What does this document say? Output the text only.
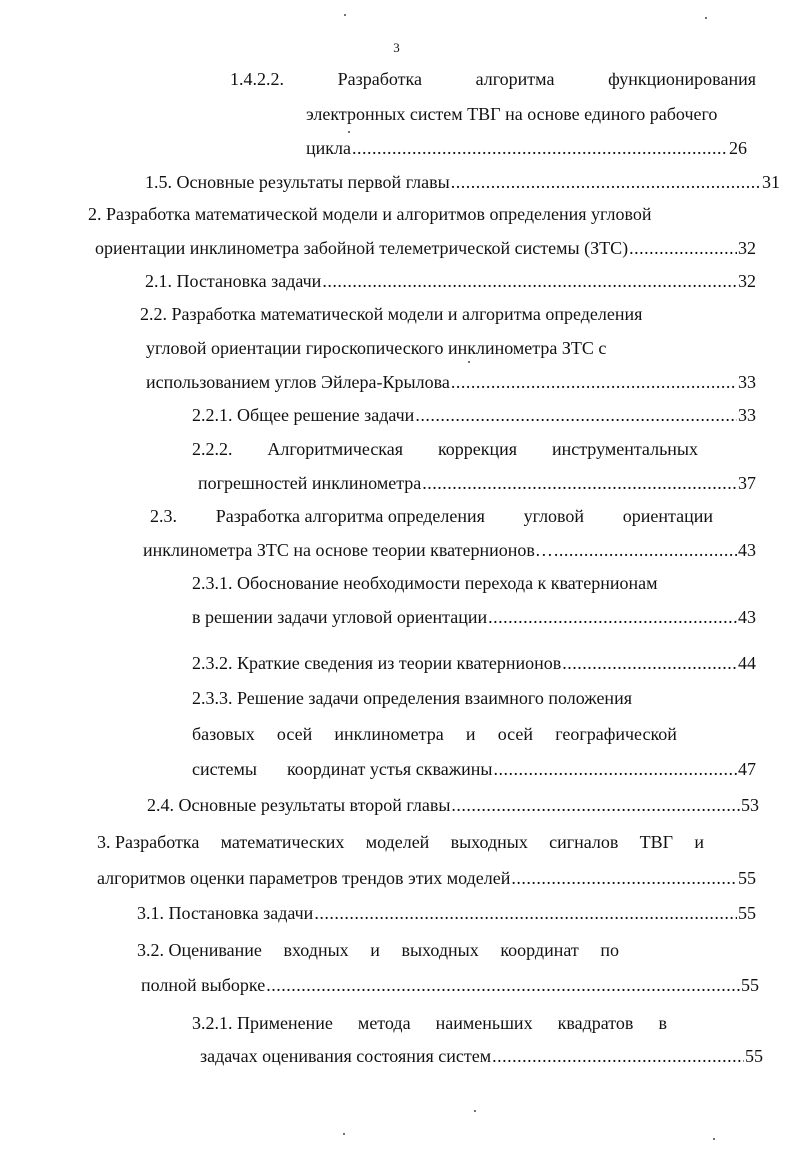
3
1.4.2.2.	Разработка	алгоритма	функционирования
электронных систем ТВГ на основе единого рабочего
цикла .....	26
1.5. Основные результаты первой главы .....	31
2. Разработка математической модели и алгоритмов определения угловой
ориентации инклинометра забойной телеметрической системы (ЗТС) .....	32
2.1. Постановка задачи .....	32
2.2. Разработка математической модели и алгоритма определения
угловой ориентации гироскопического инклинометра ЗТС с
использованием углов Эйлера-Крылова .....	33
2.2.1. Общее решение задачи .....	33
2.2.2. Алгоритмическая коррекция инструментальных
погрешностей инклинометра .....	37
2.3. Разработка алгоритма определения угловой ориентации
инклинометра ЗТС на основе теории кватернионов… .....	43
2.3.1. Обоснование необходимости перехода к кватернионам
в решении задачи угловой ориентации .....	43
2.3.2. Краткие сведения из теории кватернионов .....	44
2.3.3. Решение задачи определения взаимного положения
базовых осей инклинометра и осей географической
системы координат устья скважины .....	47
2.4. Основные результаты второй главы .....	53
3. Разработка математических моделей выходных сигналов ТВГ и
алгоритмов оценки параметров трендов этих моделей .....	55
3.1. Постановка задачи .....	55
3.2. Оценивание входных и выходных координат по
полной выборке .....	55
3.2.1. Применение метода наименьших квадратов в
задачах оценивания состояния систем .....	55
